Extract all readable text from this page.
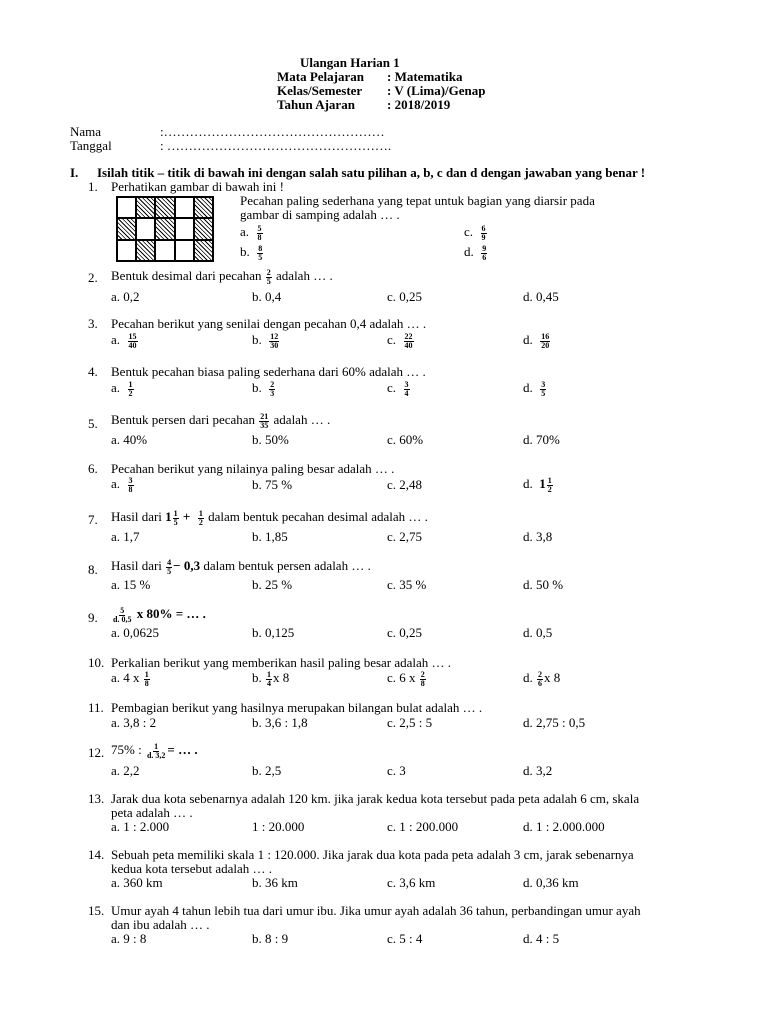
Ulangan Harian 1
Mata Pelajaran : Matematika
Kelas/Semester : V (Lima)/Genap
Tahun Ajaran : 2018/2019
Nama	:……………………………………………
Tanggal	: …………………………………………….
I. Isilah titik – titik di bawah ini dengan salah satu pilihan a, b, c dan d dengan jawaban yang benar !
1. Perhatikan gambar di bawah ini !
Pecahan paling sederhana yang tepat untuk bagian yang diarsir pada
gambar di samping adalah … .
a. $\frac{5}{8}$
b. $\frac{8}{5}$
c. $\frac{6}{9}$
d. $\frac{9}{6}$
2. Bentuk desimal dari pecahan $\frac{2}{5}$ adalah … .
a. 0,2	b. 0,4	c. 0,25	d. 0,45
3. Pecahan berikut yang senilai dengan pecahan 0,4 adalah … .
a. $\frac{15}{40}$	b. $\frac{12}{30}$	c. $\frac{22}{40}$	d. $\frac{16}{20}$
4. Bentuk pecahan biasa paling sederhana dari 60% adalah … .
a. $\frac{1}{2}$	b. $\frac{2}{3}$	c. $\frac{3}{4}$	d. $\frac{3}{5}$
5. Bentuk persen dari pecahan $\frac{21}{35}$ adalah … .
a. 40%	b. 50%	c. 60%	d. 70%
6. Pecahan berikut yang nilainya paling besar adalah … .
a. $\frac{3}{8}$	b. 75 %	c. 2,48	d. $1 \frac{1}{2}$
7. Hasil dari $1 \frac{1}{5} + \frac{1}{2}$ dalam bentuk pecahan desimal adalah … .
a. 1,7	b. 1,85	c. 2,75	d. 3,8
8. Hasil dari $\frac{4}{5} - 0,3$ dalam bentuk persen adalah … .
a. 15 %	b. 25 %	c. 35 %	d. 50 %
9. $\frac{5}{d. 0,5}$ x 80% = … .
a. 0,0625	b. 0,125	c. 0,25	d. 0,5
10. Perkalian berikut yang memberikan hasil paling besar adalah … .
a. 4 x $\frac{1}{8}$	b. $\frac{1}{4}$ x 8	c. 6 x $\frac{2}{8}$	d. $\frac{2}{6}$ x 8
11. Pembagian berikut yang hasilnya merupakan bilangan bulat adalah … .
a. 3,8 : 2	b. 3,6 : 1,8	c. 2,5 : 5	d. 2,75 : 0,5
12. 75% : $\frac{1}{d. 3,2}$ = … .
a. 2,2	b. 2,5	c. 3	d. 3,2
13. Jarak dua kota sebenarnya adalah 120 km. jika jarak kedua kota tersebut pada peta adalah 6 cm, skala
peta adalah … .
a. 1 : 2.000	1 : 20.000	c. 1 : 200.000	d. 1 : 2.000.000
14. Sebuah peta memiliki skala 1 : 120.000. Jika jarak dua kota pada peta adalah 3 cm, jarak sebenarnya
kedua kota tersebut adalah … .
a. 360 km	b. 36 km	c. 3,6 km	d. 0,36 km
15. Umur ayah 4 tahun lebih tua dari umur ibu. Jika umur ayah adalah 36 tahun, perbandingan umur ayah
dan ibu adalah … .
a. 9 : 8	b. 8 : 9	c. 5 : 4	d. 4 : 5
